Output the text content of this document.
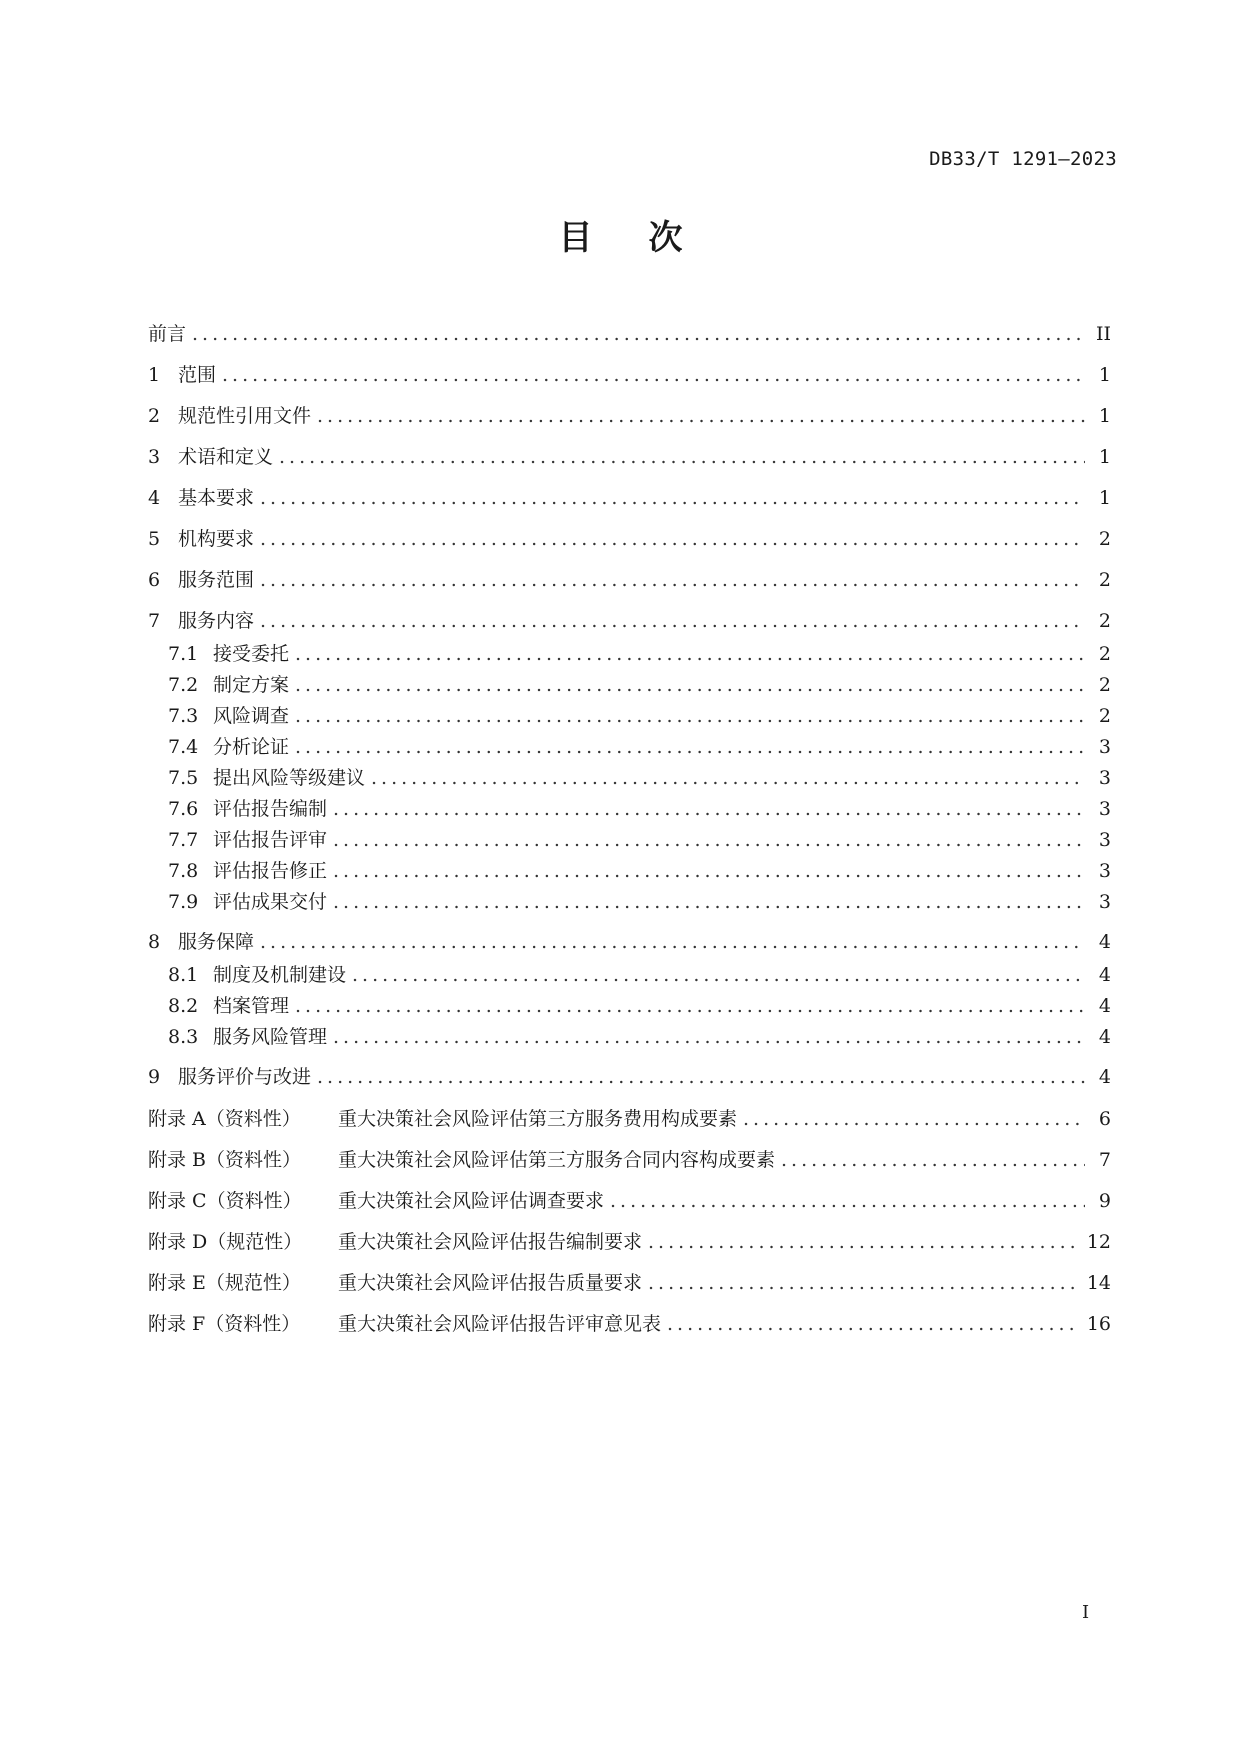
DB33/T 1291—2023
目 次
前言 .....	II
1 范围 .....	1
2 规范性引用文件 .....	1
3 术语和定义 .....	1
4 基本要求 .....	1
5 机构要求 .....	2
6 服务范围 .....	2
7 服务内容 .....	2
7.1 接受委托 .....	2
7.2 制定方案 .....	2
7.3 风险调查 .....	2
7.4 分析论证 .....	3
7.5 提出风险等级建议 .....	3
7.6 评估报告编制 .....	3
7.7 评估报告评审 .....	3
7.8 评估报告修正 .....	3
7.9 评估成果交付 .....	3
8 服务保障 .....	4
8.1 制度及机制建设 .....	4
8.2 档案管理 .....	4
8.3 服务风险管理 .....	4
9 服务评价与改进 .....	4
附录 A（资料性）	重大决策社会风险评估第三方服务费用构成要素 .....	6
附录 B（资料性）	重大决策社会风险评估第三方服务合同内容构成要素 .....	7
附录 C（资料性）	重大决策社会风险评估调查要求 .....	9
附录 D（规范性）	重大决策社会风险评估报告编制要求 .....	12
附录 E（规范性）	重大决策社会风险评估报告质量要求 .....	14
附录 F（资料性）	重大决策社会风险评估报告评审意见表 .....	16
I
